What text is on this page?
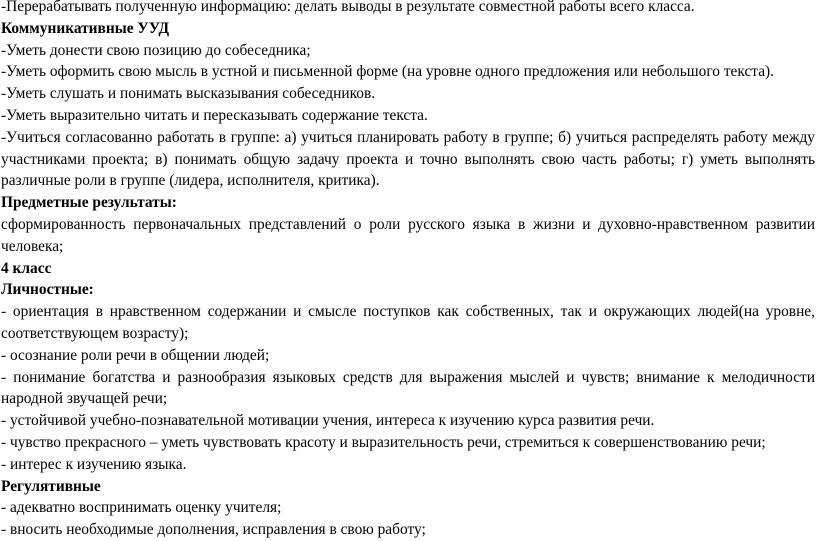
-Перерабатывать полученную информацию: делать выводы в результате совместной работы всего класса.
Коммуникативные УУД
-Уметь донести свою позицию до собеседника;
-Уметь оформить свою мысль в устной и письменной форме (на уровне одного предложения или небольшого текста).
-Уметь слушать и понимать высказывания собеседников.
-Уметь выразительно читать и пересказывать содержание текста.
-Учиться согласованно работать в группе: а) учиться планировать работу в группе; б) учиться распределять работу между
участниками проекта; в) понимать общую задачу проекта и точно выполнять свою часть работы; г) уметь выполнять
различные роли в группе (лидера, исполнителя, критика).
Предметные результаты:
сформированность первоначальных представлений о роли русского языка в жизни и духовно-нравственном развитии
человека;
4 класс
Личностные:
- ориентация в нравственном содержании и смысле поступков как собственных, так и окружающих людей(на уровне,
соответствующем возрасту);
- осознание роли речи в общении людей;
- понимание богатства и разнообразия языковых средств для выражения мыслей и чувств; внимание к мелодичности
народной звучащей речи;
- устойчивой учебно-познавательной мотивации учения, интереса к изучению курса развития речи.
- чувство прекрасного – уметь чувствовать красоту и выразительность речи, стремиться к совершенствованию речи;
- интерес к изучению языка.
Регулятивные
- адекватно воспринимать оценку учителя;
- вносить необходимые дополнения, исправления в свою работу;
